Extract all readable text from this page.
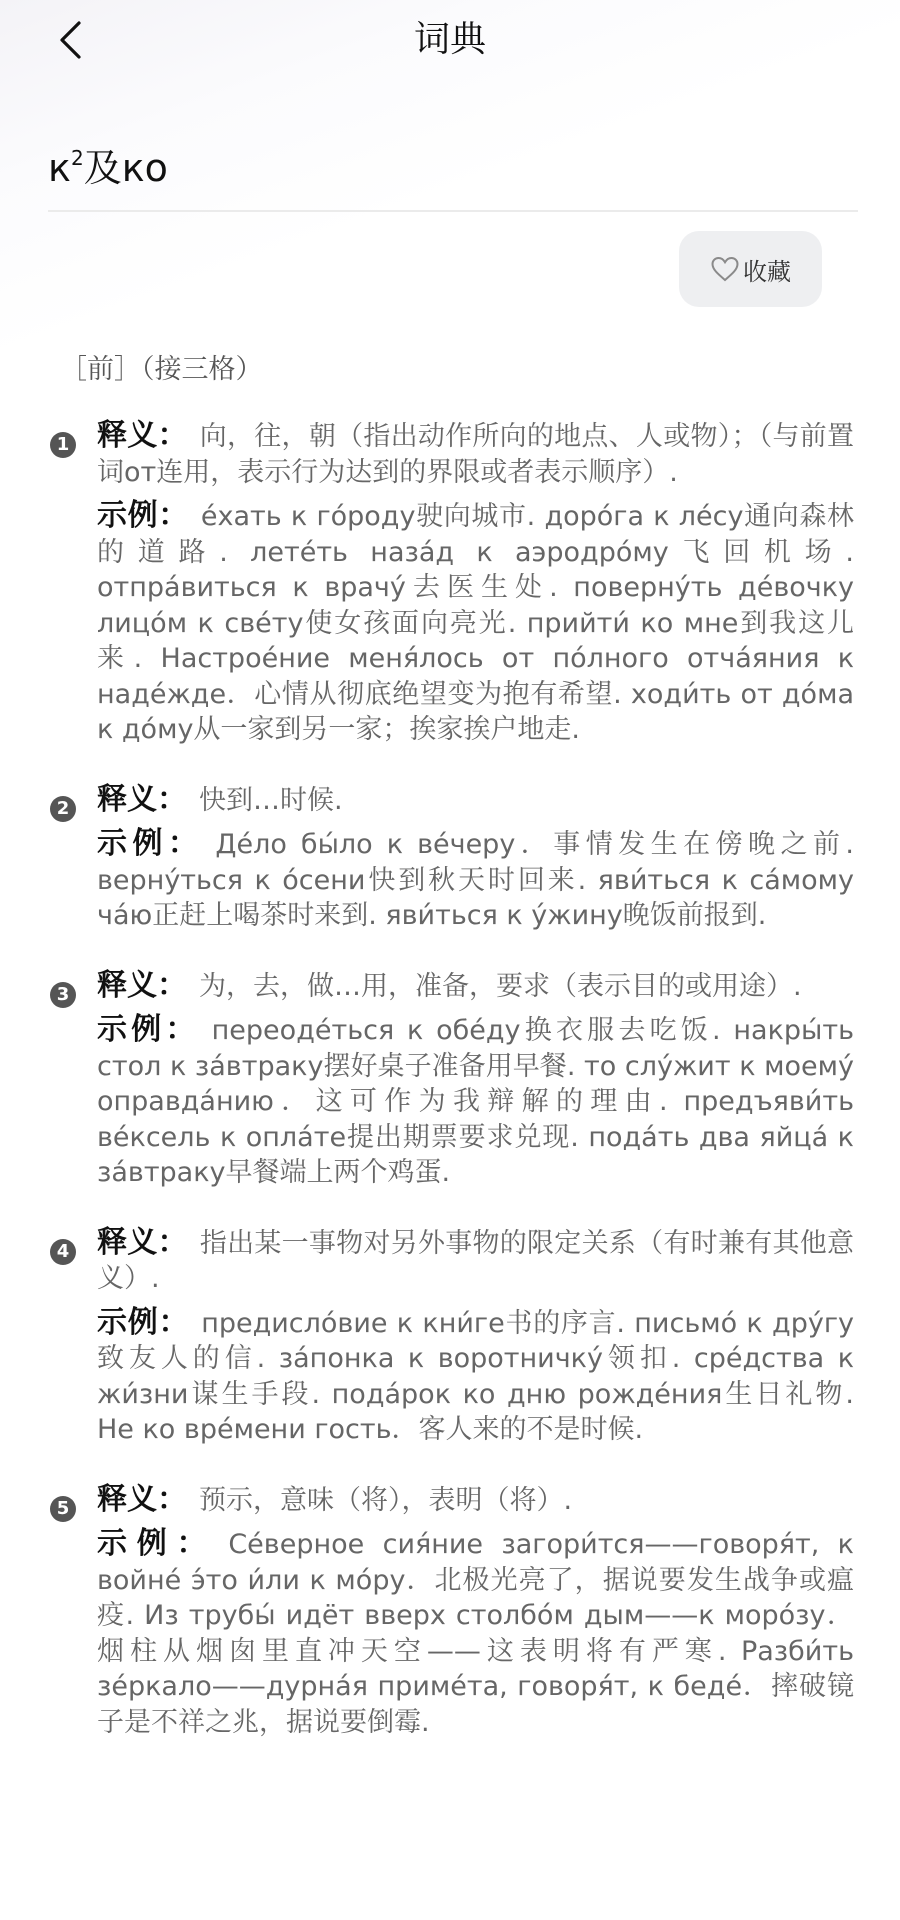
词典
$к^2$及ко
收藏
［前］（接三格）
1 释义： 向，往，朝（指出动作所向的地点、人或物）；（与前置词от连用，表示行为达到的界限或者表示顺序）.
示例： е́хать к го́роду驶向城市. доро́га к ле́су通向森林的道路. лете́ть наза́д к аэродро́му飞回机场. отпра́виться к врачу́去医生处. поверну́ть де́вочку лицо́м к све́ту使女孩面向亮光. прийти́ ко мне到我这儿来. Настрое́ние меня́лось от по́лного отча́яния к наде́жде．心情从彻底绝望变为抱有希望. ходи́ть от до́ма к до́му从一家到另一家；挨家挨户地走.
2 释义： 快到…时候.
示例： Де́ло бы́ло к ве́черу．事情发生在傍晚之前. верну́ться к о́сени快到秋天时回来. яви́ться к са́мому ча́ю正赶上喝茶时来到. яви́ться к у́жину晚饭前报到.
3 释义： 为，去，做…用，准备，要求（表示目的或用途）.
示例： переоде́ться к обе́ду换衣服去吃饭. накры́ть стол к за́втраку摆好桌子准备用早餐. то слу́жит к моему́ оправда́нию．这可作为我辩解的理由. предъяви́ть ве́ксель к опла́те提出期票要求兑现. пода́ть два яйца́ к за́втраку早餐端上两个鸡蛋.
4 释义： 指出某一事物对另外事物的限定关系（有时兼有其他意义）.
示例： предисло́вие к кни́ге书的序言. письмо́ к дру́гу致友人的信. за́понка к воротничку́领扣. сре́дства к жи́зни谋生手段. пода́рок ко дню рожде́ния生日礼物. Не ко вре́мени гость．客人来的不是时候.
5 释义： 预示，意味（将），表明（将）.
示例： Се́верное сия́ние загори́тся——говоря́т, к войне́ э́то и́ли к мо́ру．北极光亮了，据说要发生战争或瘟疫. Из трубы́ идёт вверх столбо́м дым——к моро́зу．烟柱从烟囱里直冲天空——这表明将有严寒. Разби́ть зе́ркало——дурна́я приме́та, говоря́т, к беде́．摔破镜子是不祥之兆，据说要倒霉.
